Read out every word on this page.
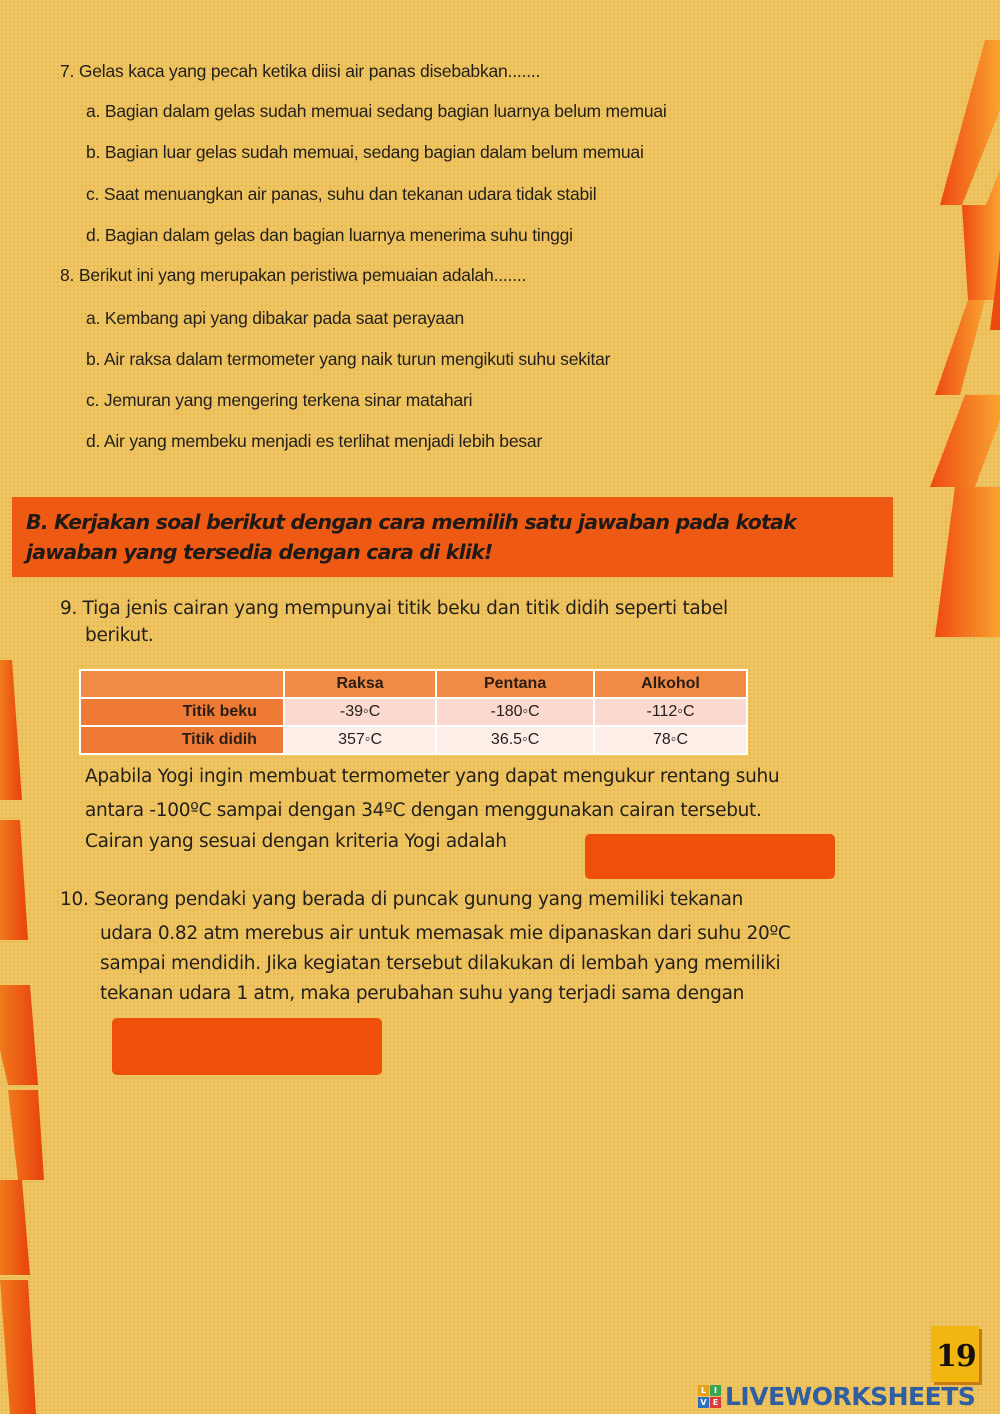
7. Gelas kaca yang pecah ketika diisi air panas disebabkan.......
a. Bagian dalam gelas sudah memuai sedang bagian luarnya belum memuai
b. Bagian luar gelas sudah memuai, sedang bagian dalam belum memuai
c. Saat menuangkan air panas, suhu dan tekanan udara tidak stabil
d. Bagian dalam gelas dan bagian luarnya menerima suhu tinggi
8. Berikut ini yang merupakan peristiwa pemuaian adalah.......
a. Kembang api yang dibakar pada saat perayaan
b. Air raksa dalam termometer yang naik turun mengikuti suhu sekitar
c. Jemuran yang mengering terkena sinar matahari
d. Air yang membeku menjadi es terlihat menjadi lebih besar
B. Kerjakan soal berikut dengan cara memilih satu jawaban pada kotak
jawaban yang tersedia dengan cara di klik!
9. Tiga jenis cairan yang mempunyai titik beku dan titik didih seperti tabel
berikut.
	Raksa	Pentana	Alkohol
Titik beku	-39◦C	-180◦C	-112◦C
Titik didih	357◦C	36.5◦C	78◦C
Apabila Yogi ingin membuat termometer yang dapat mengukur rentang suhu
antara -100ºC sampai dengan 34ºC dengan menggunakan cairan tersebut.
Cairan yang sesuai dengan kriteria Yogi adalah
10. Seorang pendaki yang berada di puncak gunung yang memiliki tekanan
udara 0.82 atm merebus air untuk memasak mie dipanaskan dari suhu 20ºC
sampai mendidih. Jika kegiatan tersebut dilakukan di lembah yang memiliki
tekanan udara 1 atm, maka perubahan suhu yang terjadi sama dengan
19
L I
V E LIVEWORKSHEETS
